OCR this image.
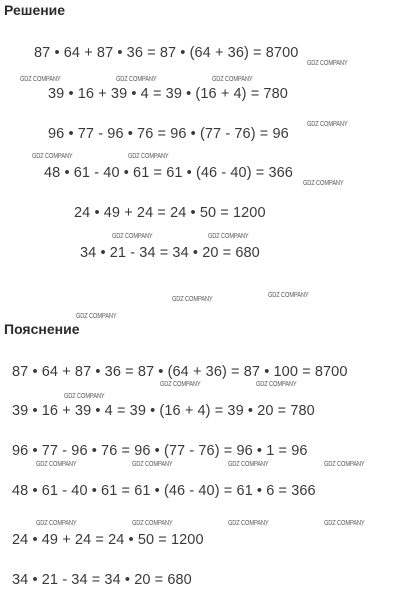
Решение
87 • 64 + 87 • 36 = 87 • (64 + 36) = 8700
39 • 16 + 39 • 4 = 39 • (16 + 4) = 780
96 • 77 - 96 • 76 = 96 • (77 - 76) = 96
48 • 61 - 40 • 61 = 61 • (46 - 40) = 366
24 • 49 + 24 = 24 • 50 = 1200
34 • 21 - 34 = 34 • 20 = 680
Пояснение
87 • 64 + 87 • 36 = 87 • (64 + 36) = 87 • 100 = 8700
39 • 16 + 39 • 4 = 39 • (16 + 4) = 39 • 20 = 780
96 • 77 - 96 • 76 = 96 • (77 - 76) = 96 • 1 = 96
48 • 61 - 40 • 61 = 61 • (46 - 40) = 61 • 6 = 366
24 • 49 + 24 = 24 • 50 = 1200
34 • 21 - 34 = 34 • 20 = 680
GDZ COMPANY
GDZ COMPANY	GDZ COMPANY	GDZ COMPANY
GDZ COMPANY
GDZ COMPANY	GDZ COMPANY
GDZ COMPANY
GDZ COMPANY	GDZ COMPANY
GDZ COMPANY
GDZ COMPANY
GDZ COMPANY
GDZ COMPANY	GDZ COMPANY
GDZ COMPANY
GDZ COMPANY	GDZ COMPANY	GDZ COMPANY	GDZ COMPANY
GDZ COMPANY	GDZ COMPANY	GDZ COMPANY	GDZ COMPANY
